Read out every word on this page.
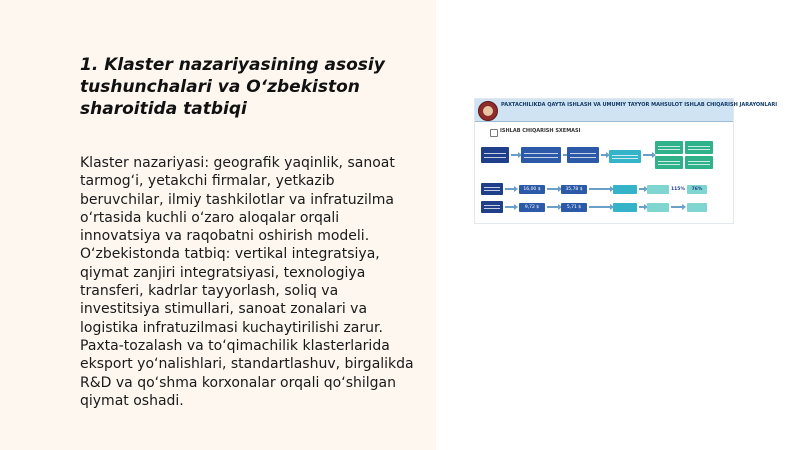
1. Klaster nazariyasining asosiy tushunchalari va O‘zbekiston sharoitida tatbiqi

Klaster nazariyasi: geografik yaqinlik, sanoat tarmog‘i, yetakchi firmalar, yetkazib beruvchilar, ilmiy tashkilotlar va infratuzilma o‘rtasida kuchli o‘zaro aloqalar orqali innovatsiya va raqobatni oshirish modeli. O‘zbekistonda tatbiq: vertikal integratsiya, qiymat zanjiri integratsiyasi, texnologiya transferi, kadrlar tayyorlash, soliq va investitsiya stimullari, sanoat zonalari va logistika infratuzilmasi kuchaytirilishi zarur. Paxta-tozalash va to‘qimachilik klasterlarida eksport yo‘nalishlari, standartlashuv, birgalikda R&D va qo‘shma korxonalar orqali qo‘shilgan qiymat oshadi.

PAXTACHILIKDA QAYTA ISHLASH VA UMUMIY TAYYOR MAHSULOT ISHLAB CHIQARISH JARAYONLARI
ISHLAB CHIQARISH SXEMASI
16,00 $	35,78 $	115%	76%
9,72 $	5,71 $
